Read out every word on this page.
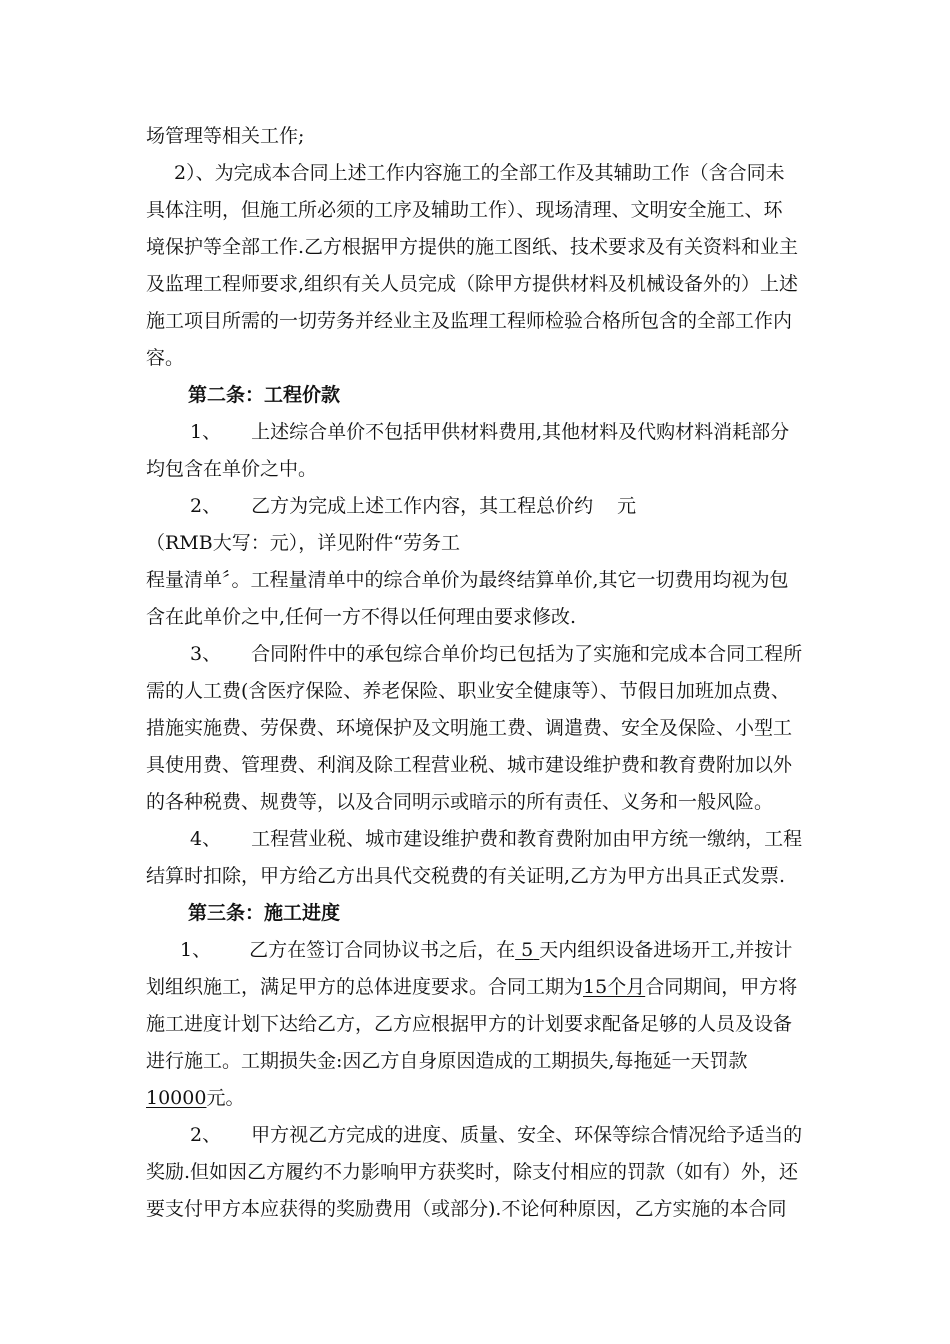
场管理等相关工作;
2）、为完成本合同上述工作内容施工的全部工作及其辅助工作（含合同未
具体注明，但施工所必须的工序及辅助工作）、现场清理、文明安全施工、环
境保护等全部工作.乙方根据甲方提供的施工图纸、技术要求及有关资料和业主
及监理工程师要求,组织有关人员完成（除甲方提供材料及机械设备外的）上述
施工项目所需的一切劳务并经业主及监理工程师检验合格所包含的全部工作内
容。
第二条：工程价款
1、 上述综合单价不包括甲供材料费用,其他材料及代购材料消耗部分
均包含在单价之中。
2、 乙方为完成上述工作内容，其工程总价约 元
（RMB大写：元），详见附件“劳务工
程量清单〞。工程量清单中的综合单价为最终结算单价,其它一切费用均视为包
含在此单价之中,任何一方不得以任何理由要求修改.
3、 合同附件中的承包综合单价均已包括为了实施和完成本合同工程所
需的人工费(含医疗保险、养老保险、职业安全健康等）、节假日加班加点费、
措施实施费、劳保费、环境保护及文明施工费、调遣费、安全及保险、小型工
具使用费、管理费、利润及除工程营业税、城市建设维护费和教育费附加以外
的各种税费、规费等，以及合同明示或暗示的所有责任、义务和一般风险。
4、 工程营业税、城市建设维护费和教育费附加由甲方统一缴纳，工程
结算时扣除，甲方给乙方出具代交税费的有关证明,乙方为甲方出具正式发票.
第三条：施工进度
1、 乙方在签订合同协议书之后，在 5 天内组织设备进场开工,并按计
划组织施工，满足甲方的总体进度要求。合同工期为15个月合同期间，甲方将
施工进度计划下达给乙方，乙方应根据甲方的计划要求配备足够的人员及设备
进行施工。工期损失金:因乙方自身原因造成的工期损失,每拖延一天罚款
10000元。
2、 甲方视乙方完成的进度、质量、安全、环保等综合情况给予适当的
奖励.但如因乙方履约不力影响甲方获奖时，除支付相应的罚款（如有）外，还
要支付甲方本应获得的奖励费用（或部分).不论何种原因，乙方实施的本合同
